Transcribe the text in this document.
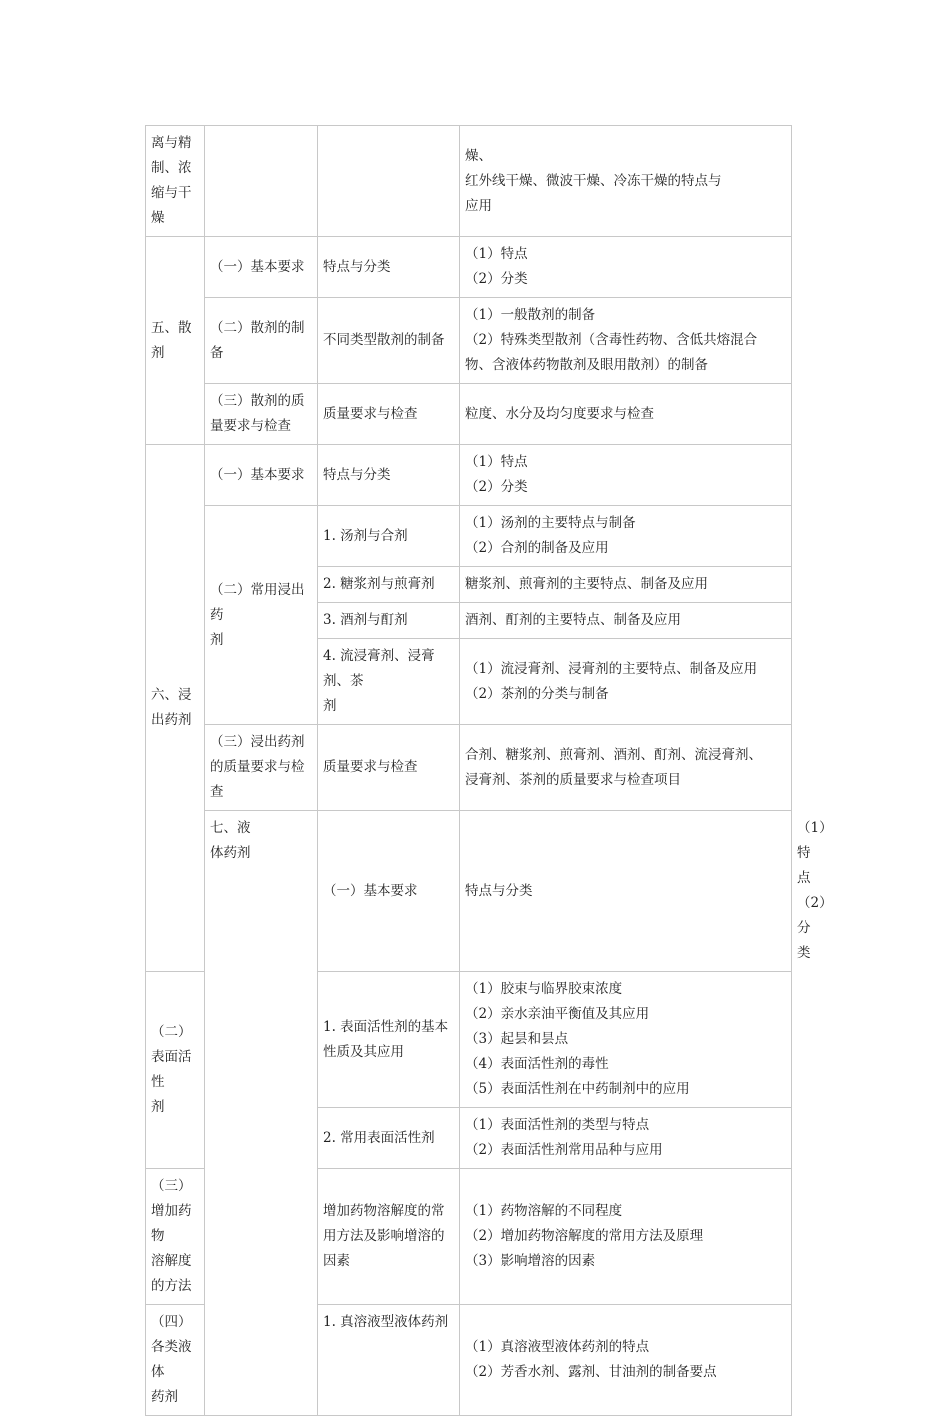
离与精
制、浓
缩与干
燥			燥、
红外线干燥、微波干燥、冷冻干燥的特点与
应用	

五、散
剂	（一）基本要求	特点与分类	（1）特点
（2）分类	

	（二）散剂的制
备	不同类型散剂的制备	（1）一般散剂的制备
（2）特殊类型散剂（含毒性药物、含低共熔混合
物、含液体药物散剂及眼用散剂）的制备	

	（三）散剂的质
量要求与检查	质量要求与检查	粒度、水分及均匀度要求与检查	

六、浸
出药剂	（一）基本要求	特点与分类	（1）特点
（2）分类	

	（二）常用浸出
药
剂	1. 汤剂与合剂	（1）汤剂的主要特点与制备
（2）合剂的制备及应用	

		2. 糖浆剂与煎膏剂	糖浆剂、煎膏剂的主要特点、制备及应用	

		3. 酒剂与酊剂	酒剂、酊剂的主要特点、制备及应用	

		4. 流浸膏剂、浸膏
剂、茶
剂	（1）流浸膏剂、浸膏剂的主要特点、制备及应用
（2）茶剂的分类与制备	

	（三）浸出药剂
的质量要求与检
查	质量要求与检查	合剂、糖浆剂、煎膏剂、酒剂、酊剂、流浸膏剂、
浸膏剂、茶剂的质量要求与检查项目	

	七、液
体药剂	（一）基本要求	特点与分类	（1）特点
（2）分类

（二）表面活性
剂		1. 表面活性剂的基本
性质及其应用	（1）胶束与临界胶束浓度
（2）亲水亲油平衡值及其应用
（3）起昙和昙点
（4）表面活性剂的毒性
（5）表面活性剂在中药制剂中的应用	

		2. 常用表面活性剂	（1）表面活性剂的类型与特点
（2）表面活性剂常用品种与应用	

（三）增加药物
溶解度的方法		增加药物溶解度的常
用方法及影响增溶的
因素	（1）药物溶解的不同程度
（2）增加药物溶解度的常用方法及原理
（3）影响增溶的因素	

（四）各类液体
药剂		1. 真溶液型液体药剂	（1）真溶液型液体药剂的特点
（2）芳香水剂、露剂、甘油剂的制备要点	
